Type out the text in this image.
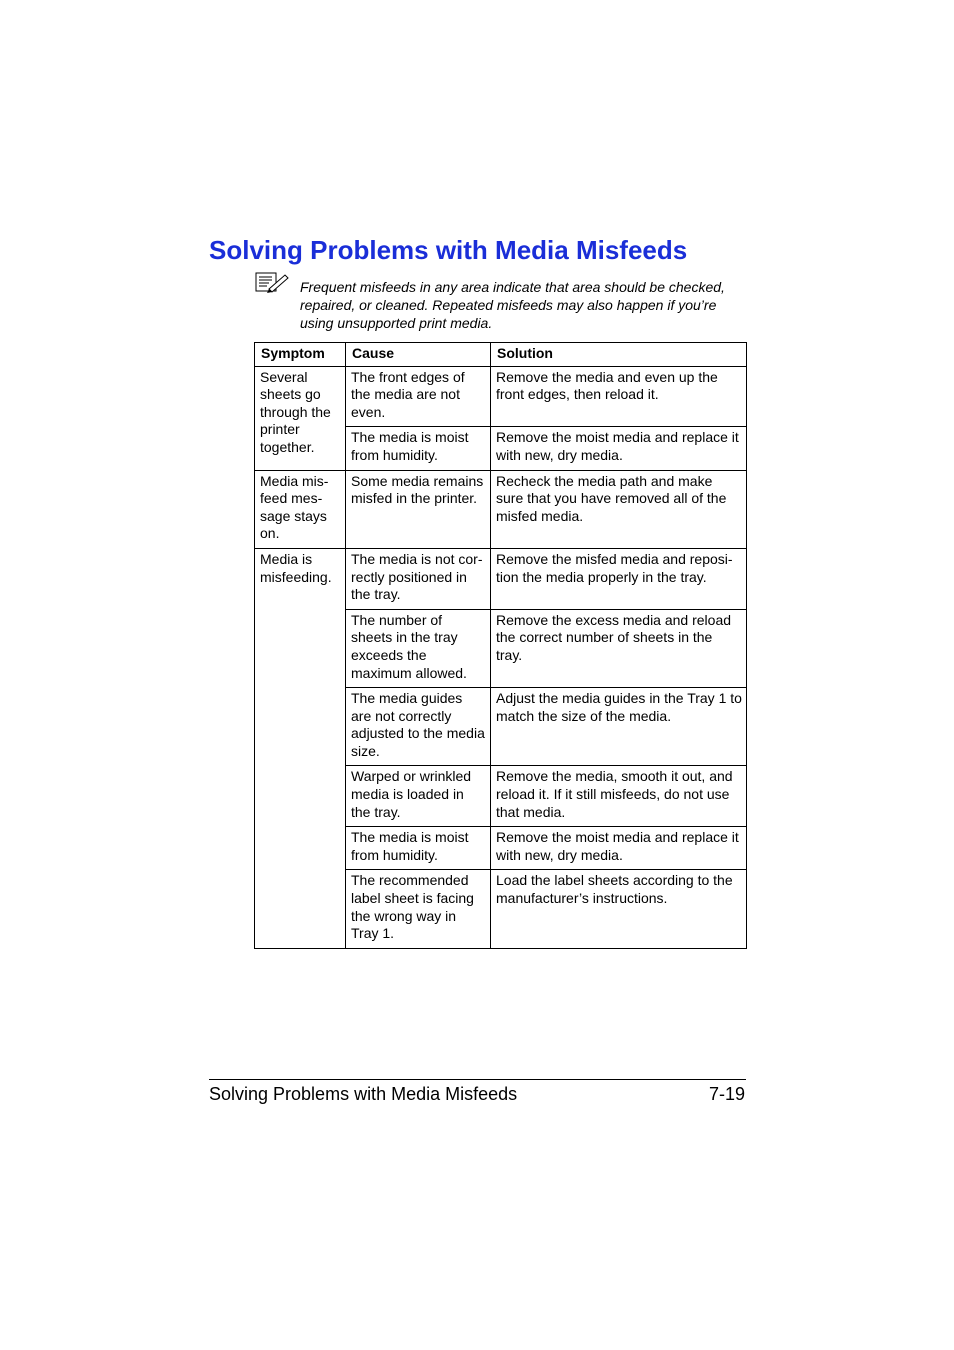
Solving Problems with Media Misfeeds

Frequent misfeeds in any area indicate that area should be checked, repaired, or cleaned. Repeated misfeeds may also happen if you’re using unsupported print media.

Symptom	Cause	Solution
Several sheets go through the printer together.	The front edges of the media are not even.	Remove the media and even up the front edges, then reload it.
	The media is moist from humidity.	Remove the moist media and replace it with new, dry media.
Media mis-feed mes-sage stays on.	Some media remains misfed in the printer.	Recheck the media path and make sure that you have removed all of the misfed media.
Media is misfeeding.	The media is not cor-rectly positioned in the tray.	Remove the misfed media and reposi-tion the media properly in the tray.
	The number of sheets in the tray exceeds the maximum allowed.	Remove the excess media and reload the correct number of sheets in the tray.
	The media guides are not correctly adjusted to the media size.	Adjust the media guides in the Tray 1 to match the size of the media.
	Warped or wrinkled media is loaded in the tray.	Remove the media, smooth it out, and reload it. If it still misfeeds, do not use that media.
	The media is moist from humidity.	Remove the moist media and replace it with new, dry media.
	The recommended label sheet is facing the wrong way in Tray 1.	Load the label sheets according to the manufacturer’s instructions.
Solving Problems with Media Misfeeds	7-19
